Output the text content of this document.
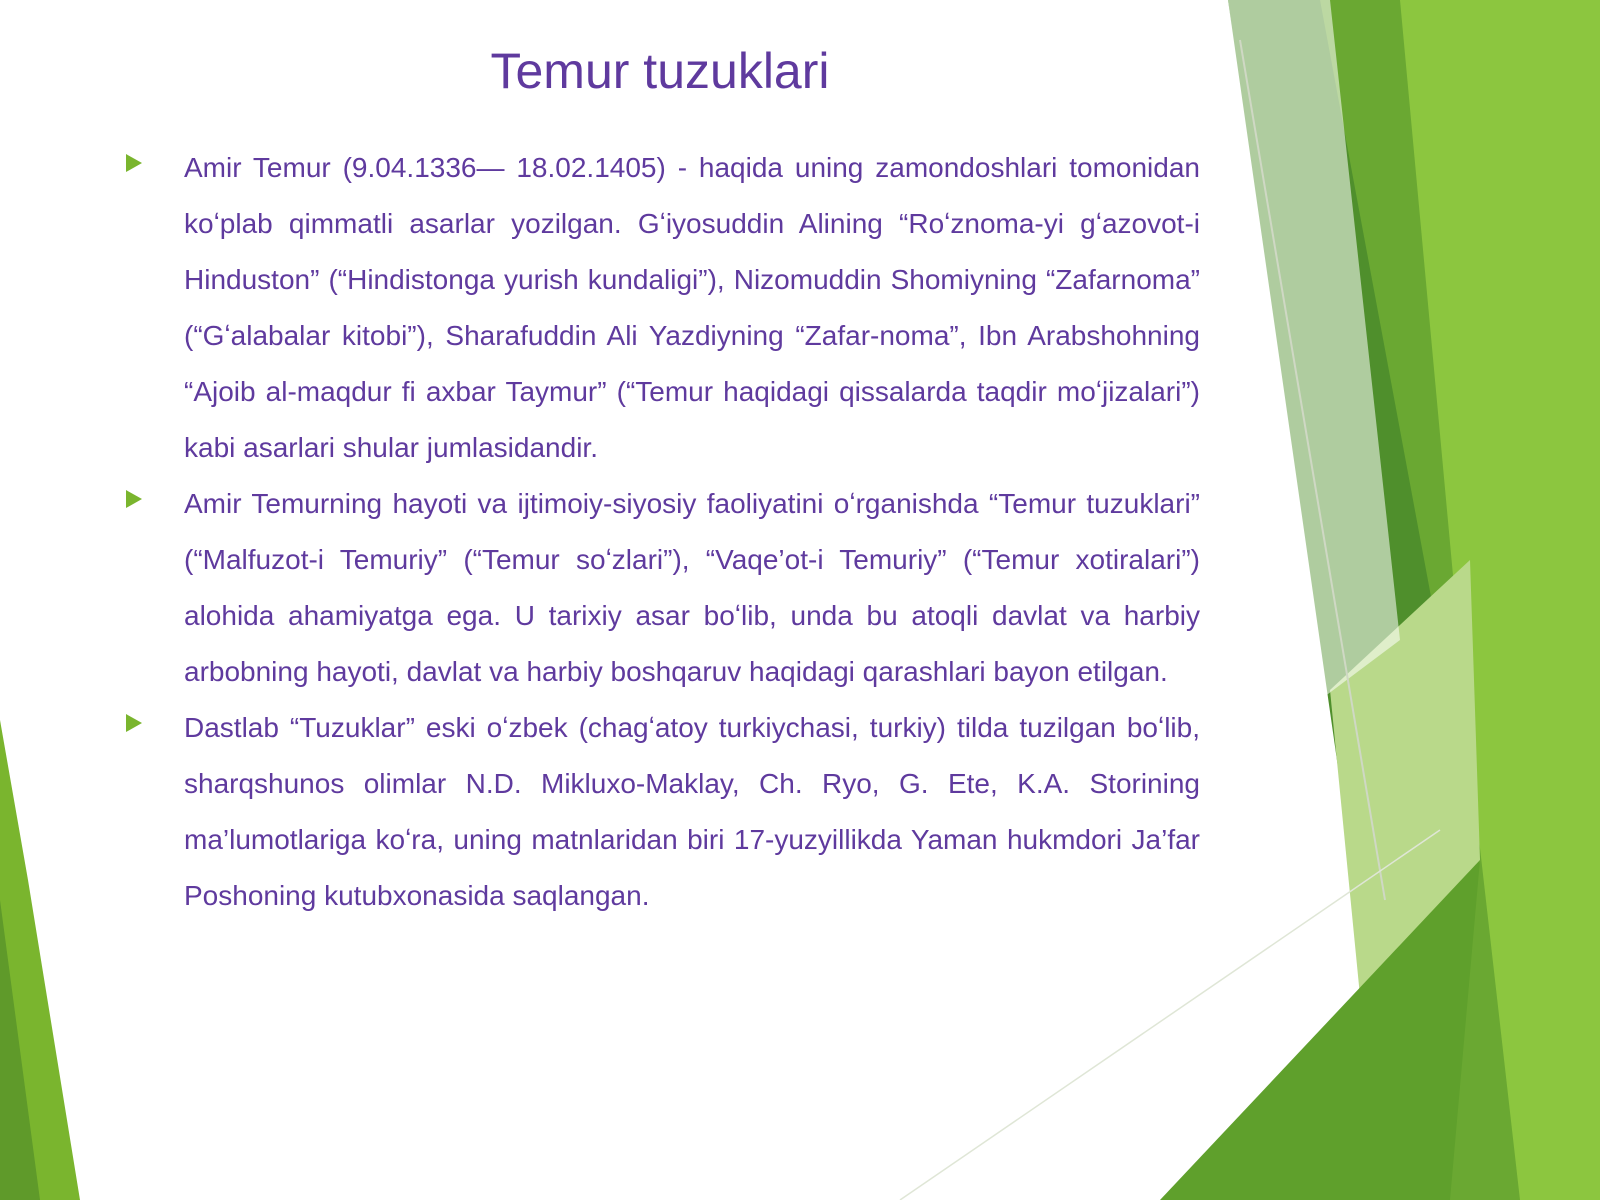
Temur tuzuklari

Amir Temur (9.04.1336— 18.02.1405) - haqida uning zamondoshlari tomonidan koʻplab qimmatli asarlar yozilgan. Gʻiyosuddin Alining “Roʻznoma-yi gʻazovot-i Hinduston” (“Hindistonga yurish kundaligi”), Nizomuddin Shomiyning “Zafarnoma” (“Gʻalabalar kitobi”), Sharafuddin Ali Yazdiyning “Zafar-noma”, Ibn Arabshohning “Ajoib al-maqdur fi axbar Taymur” (“Temur haqidagi qissalarda taqdir moʻjizalari”) kabi asarlari shular jumlasidandir.

Amir Temurning hayoti va ijtimoiy-siyosiy faoliyatini oʻrganishda “Temur tuzuklari” (“Malfuzot-i Temuriy” (“Temur soʻzlari”), “Vaqe’ot-i Temuriy” (“Temur xotiralari”) alohida ahamiyatga ega. U tarixiy asar boʻlib, unda bu atoqli davlat va harbiy arbobning hayoti, davlat va harbiy boshqaruv haqidagi qarashlari bayon etilgan.

Dastlab “Tuzuklar” eski oʻzbek (chagʻatoy turkiychasi, turkiy) tilda tuzilgan boʻlib, sharqshunos olimlar N.D. Mikluxo-Maklay, Ch. Ryo, G. Ete, K.A. Storining ma’lumotlariga koʻra, uning matnlaridan biri 17-yuzyillikda Yaman hukmdori Ja’far Poshoning kutubxonasida saqlangan.
